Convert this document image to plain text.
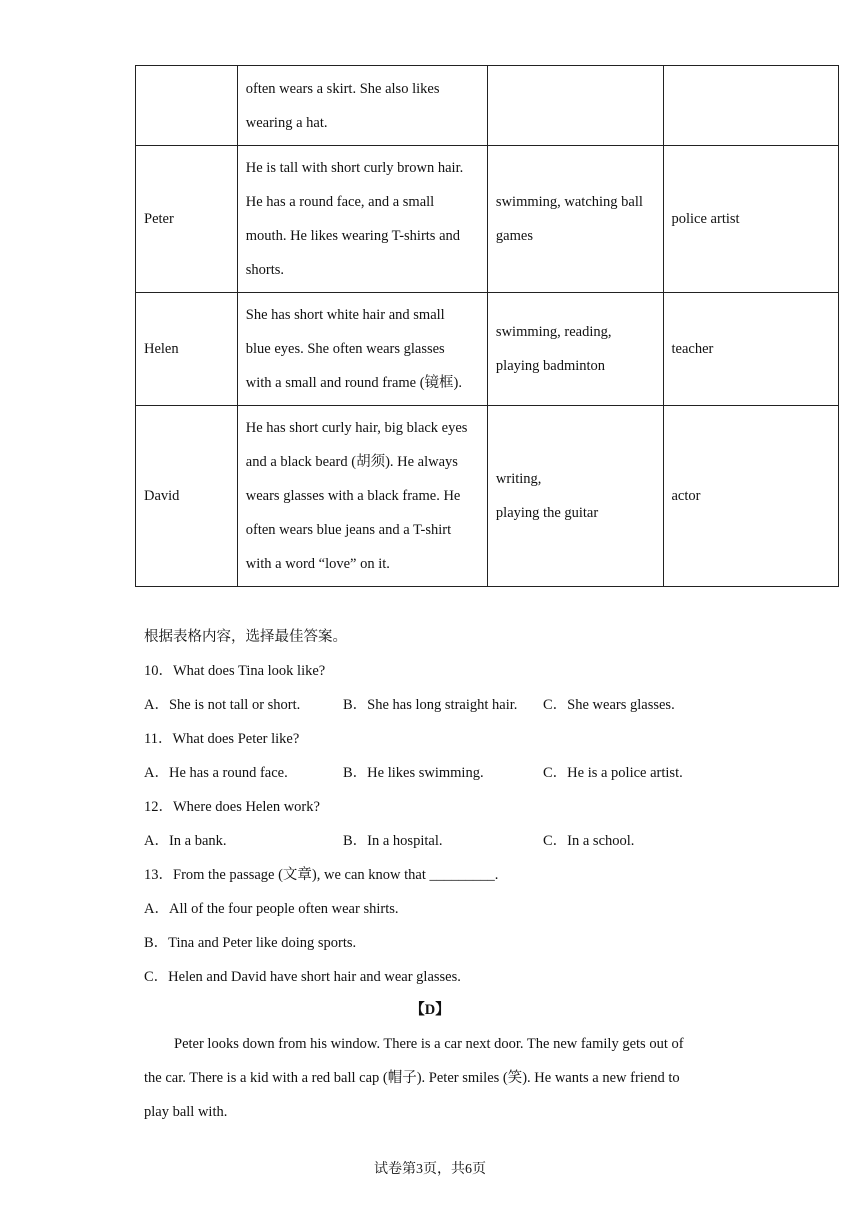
	often wears a skirt. She also likes
wearing a hat.		

Peter	He is tall with short curly brown hair.
He has a round face, and a small
mouth. He likes wearing T-shirts and
shorts.	swimming, watching ball
games	police artist
Helen	She has short white hair and small
blue eyes. She often wears glasses
with a small and round frame (镜框).	swimming, reading,
playing badminton	teacher
David	He has short curly hair, big black eyes
and a black beard (胡须). He always
wears glasses with a black frame. He
often wears blue jeans and a T-shirt
with a word “love” on it.	writing,
playing the guitar	actor
根据表格内容，选择最佳答案。
10．What does Tina look like?
A．She is not tall or short.	B．She has long straight hair. C．She wears glasses.
11．What does Peter like?
A．He has a round face.	B．He likes swimming.	C．He is a police artist.
12．Where does Helen work?
A．In a bank.	B．In a hospital.	C．In a school.
13．From the passage (文章), we can know that _________.
A．All of the four people often wear shirts.
B．Tina and Peter like doing sports.
C．Helen and David have short hair and wear glasses.
【D】
Peter looks down from his window. There is a car next door. The new family gets out of
the car. There is a kid with a red ball cap (帽子). Peter smiles (笑). He wants a new friend to
play ball with.
试卷第3页，共6页
